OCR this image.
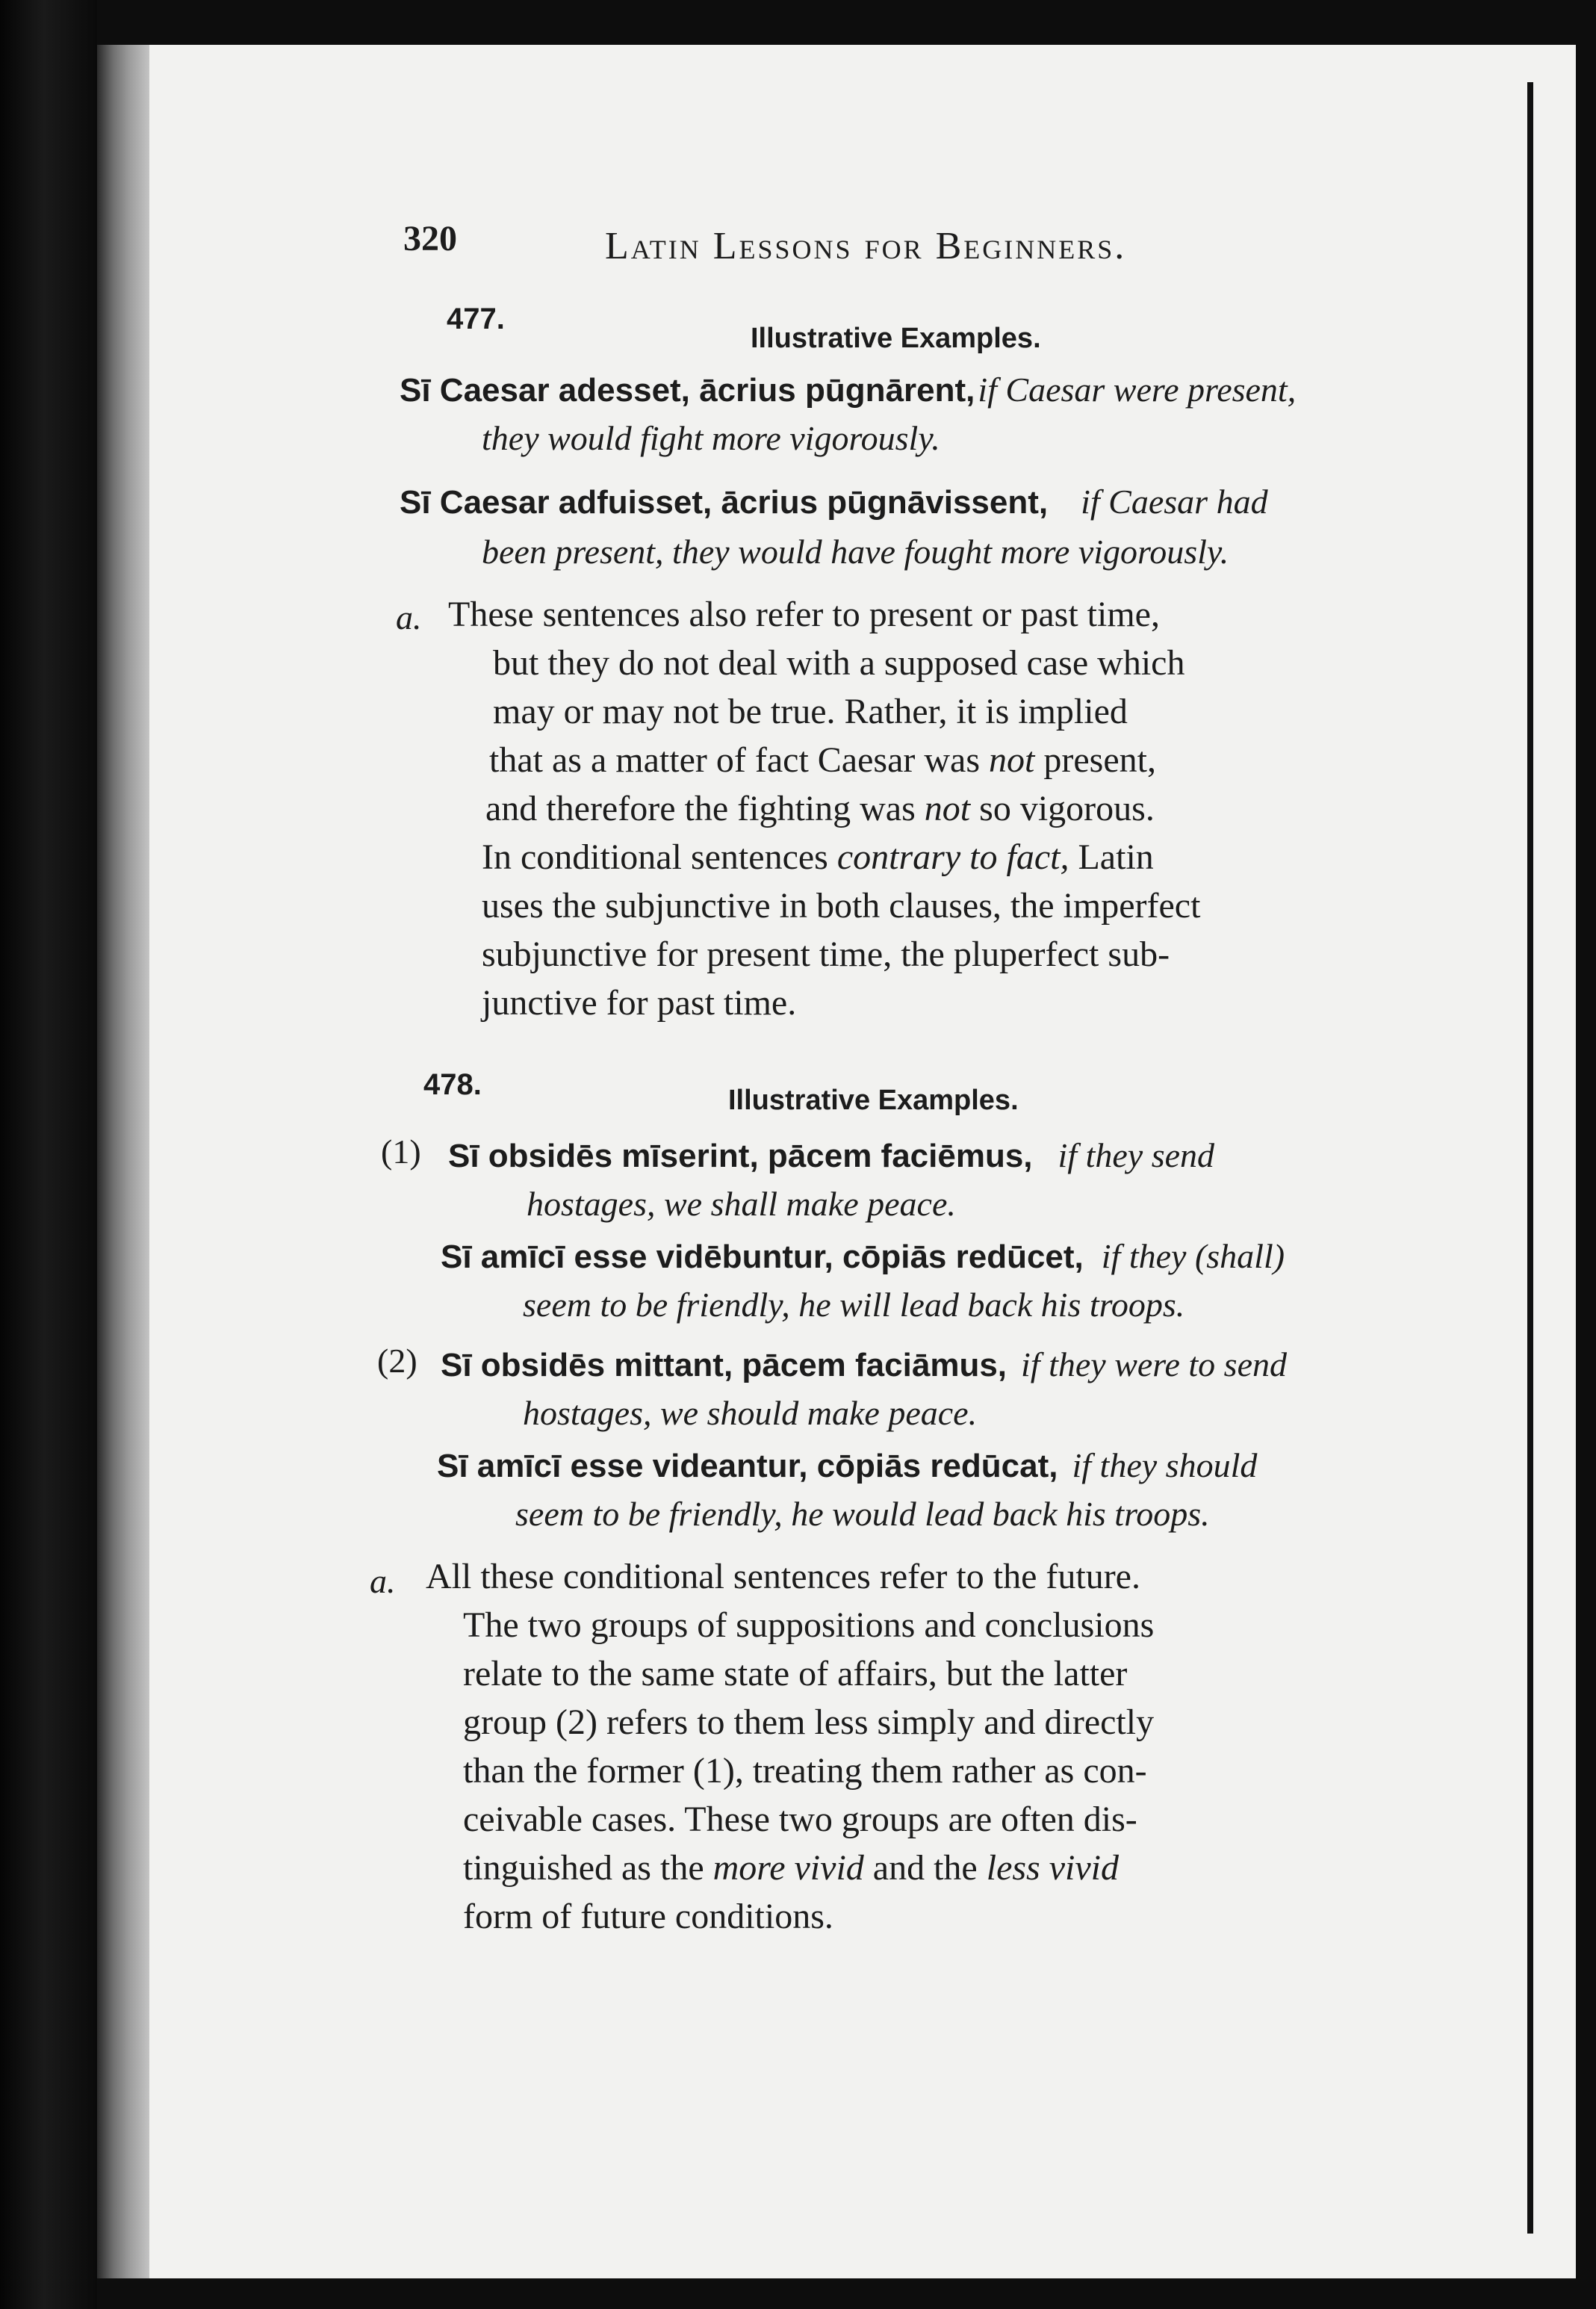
320	Latin Lessons for Beginners.
477.
Illustrative Examples.
Sī Caesar adesset, ācrius pūgnārent, if Caesar were present,
they would fight more vigorously.
Sī Caesar adfuisset, ācrius pūgnāvissent, if Caesar had
been present, they would have fought more vigorously.
a. These sentences also refer to present or past time,
but they do not deal with a supposed case which
may or may not be true. Rather, it is implied
that as a matter of fact Caesar was not present,
and therefore the fighting was not so vigorous.
In conditional sentences contrary to fact, Latin
uses the subjunctive in both clauses, the imperfect
subjunctive for present time, the pluperfect sub-
junctive for past time.
478.	Illustrative Examples.
(1) Sī obsidēs mīserint, pācem faciēmus, if they send
hostages, we shall make peace.
Sī amīcī esse vidēbuntur, cōpiās redūcet, if they (shall)
seem to be friendly, he will lead back his troops.
(2) Sī obsidēs mittant, pācem faciāmus, if they were to send
hostages, we should make peace.
Sī amīcī esse videantur, cōpiās redūcat, if they should
seem to be friendly, he would lead back his troops.
a. All these conditional sentences refer to the future.
The two groups of suppositions and conclusions
relate to the same state of affairs, but the latter
group (2) refers to them less simply and directly
than the former (1), treating them rather as con-
ceivable cases. These two groups are often dis-
tinguished as the more vivid and the less vivid
form of future conditions.
